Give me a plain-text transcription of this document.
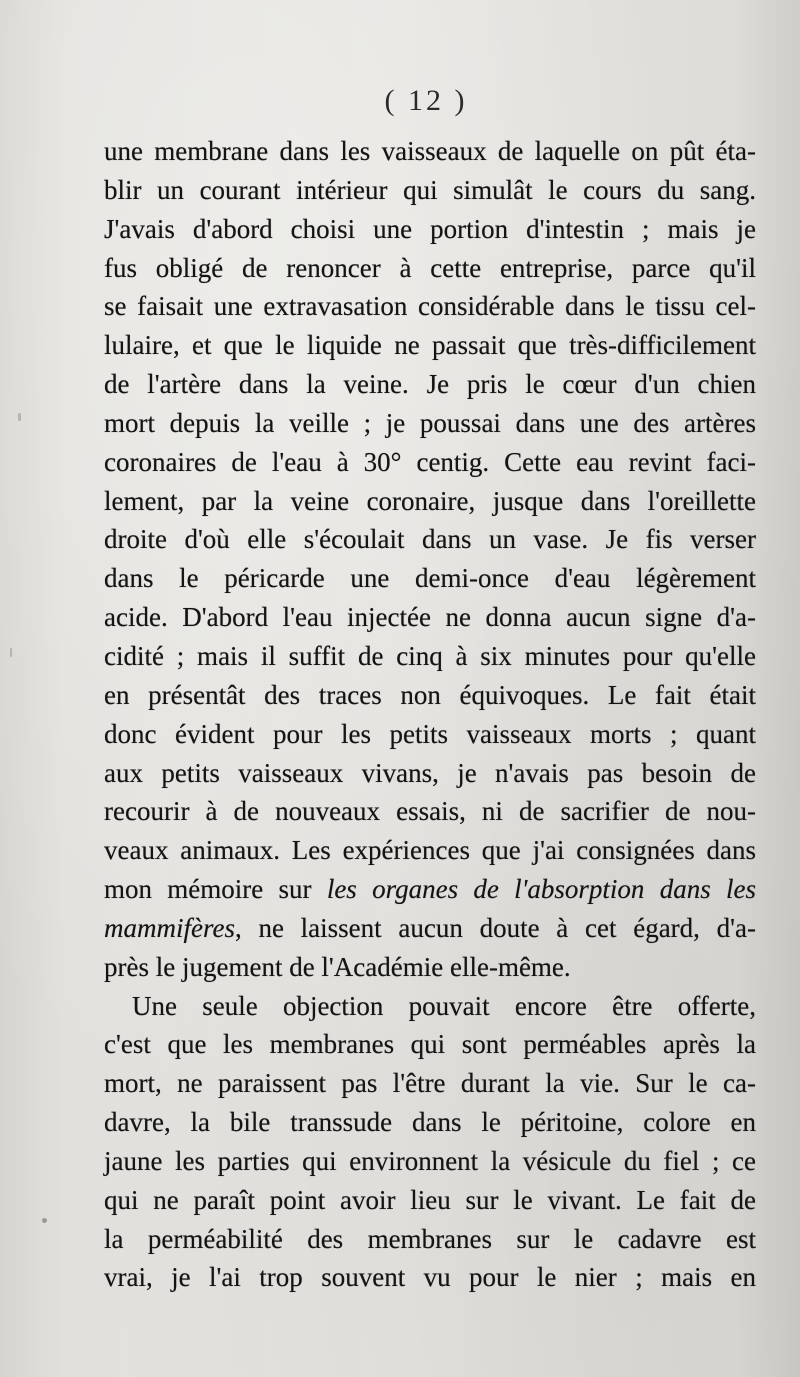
( 12 )
une membrane dans les vaisseaux de laquelle on pût éta-
blir un courant intérieur qui simulât le cours du sang.
J'avais d'abord choisi une portion d'intestin ; mais je
fus obligé de renoncer à cette entreprise, parce qu'il
se faisait une extravasation considérable dans le tissu cel-
lulaire, et que le liquide ne passait que très-difficilement
de l'artère dans la veine. Je pris le cœur d'un chien
mort depuis la veille ; je poussai dans une des artères
coronaires de l'eau à 30° centig. Cette eau revint faci-
lement, par la veine coronaire, jusque dans l'oreillette
droite d'où elle s'écoulait dans un vase. Je fis verser
dans le péricarde une demi-once d'eau légèrement
acide. D'abord l'eau injectée ne donna aucun signe d'a-
cidité ; mais il suffit de cinq à six minutes pour qu'elle
en présentât des traces non équivoques. Le fait était
donc évident pour les petits vaisseaux morts ; quant
aux petits vaisseaux vivans, je n'avais pas besoin de
recourir à de nouveaux essais, ni de sacrifier de nou-
veaux animaux. Les expériences que j'ai consignées dans
mon mémoire sur les organes de l'absorption dans les
mammifères, ne laissent aucun doute à cet égard, d'a-
près le jugement de l'Académie elle-même.
Une seule objection pouvait encore être offerte,
c'est que les membranes qui sont perméables après la
mort, ne paraissent pas l'être durant la vie. Sur le ca-
davre, la bile transsude dans le péritoine, colore en
jaune les parties qui environnent la vésicule du fiel ; ce
qui ne paraît point avoir lieu sur le vivant. Le fait de
la perméabilité des membranes sur le cadavre est
vrai, je l'ai trop souvent vu pour le nier ; mais en
